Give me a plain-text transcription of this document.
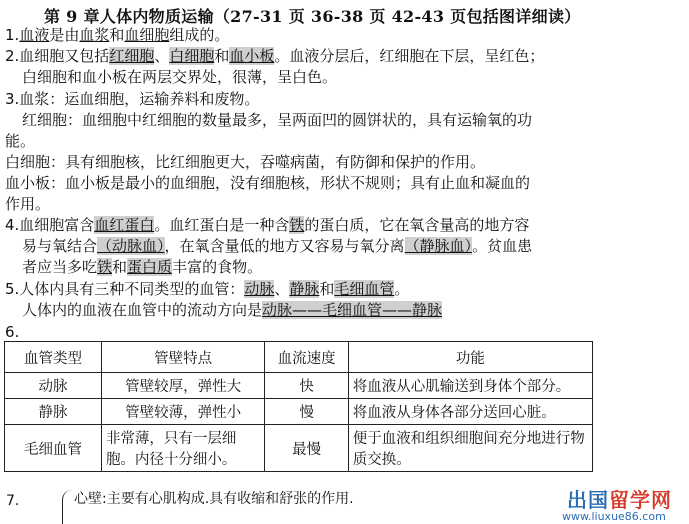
第 9 章人体内物质运输（27-31 页 36-38 页 42-43 页包括图详细读）
1.血液是由血浆和血细胞组成的。
2.血细胞又包括红细胞、白细胞和血小板。血液分层后，红细胞在下层，呈红色；
白细胞和血小板在两层交界处，很薄，呈白色。
3.血浆：运血细胞，运输养料和废物。
红细胞：血细胞中红细胞的数量最多，呈两面凹的圆饼状的，具有运输氧的功
能。
白细胞：具有细胞核，比红细胞更大，吞噬病菌，有防御和保护的作用。
血小板：血小板是最小的血细胞，没有细胞核，形状不规则；具有止血和凝血的
作用。
4.血细胞富含血红蛋白。血红蛋白是一种含铁的蛋白质，它在氧含量高的地方容
易与氧结合（动脉血），在氧含量低的地方又容易与氧分离（静脉血）。贫血患
者应当多吃铁和蛋白质丰富的食物。
5.人体内具有三种不同类型的血管：动脉、静脉和毛细血管。
人体内的血液在血管中的流动方向是动脉——毛细血管——静脉
6.
血管类型	管壁特点	血流速度	功能
动脉	管壁较厚，弹性大	快	将血液从心肌输送到身体个部分。
静脉	管壁较薄，弹性小	慢	将血液从身体各部分送回心脏。
毛细血管	非常薄，只有一层细胞。内径十分细小。	最慢	便于血液和组织细胞间充分地进行物质交换。
7.	心壁:主要有心肌构成.具有收缩和舒张的作用.	出国留学网
www.liuxue86.com
